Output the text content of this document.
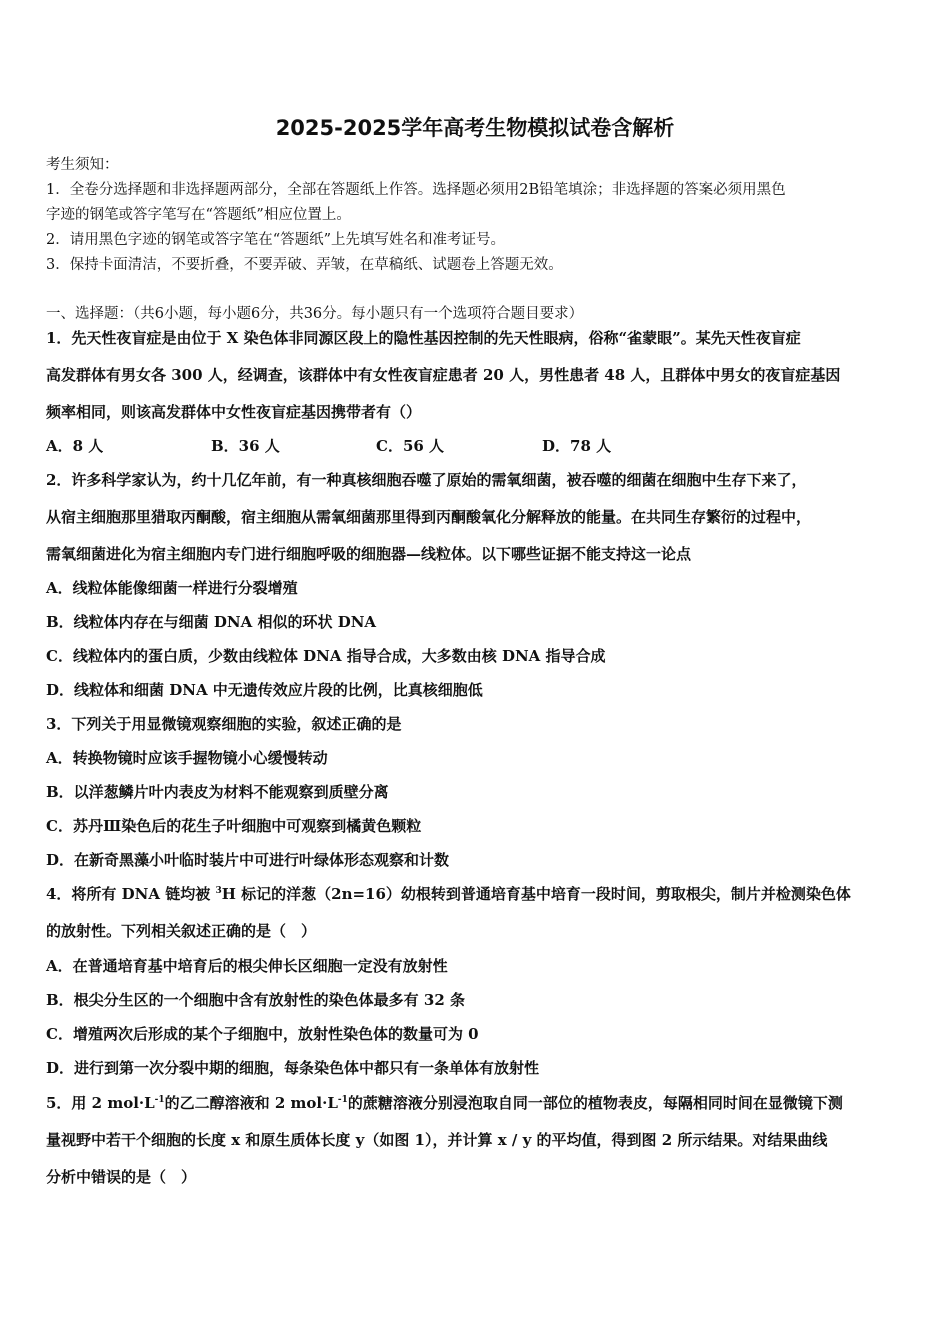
2025-2025学年高考生物模拟试卷含解析
考生须知：
1．全卷分选择题和非选择题两部分，全部在答题纸上作答。选择题必须用2B铅笔填涂；非选择题的答案必须用黑色
字迹的钢笔或答字笔写在“答题纸”相应位置上。
2．请用黑色字迹的钢笔或答字笔在“答题纸”上先填写姓名和准考证号。
3．保持卡面清洁，不要折叠，不要弄破、弄皱，在草稿纸、试题卷上答题无效。
一、选择题：（共6小题，每小题6分，共36分。每小题只有一个选项符合题目要求）
1．先天性夜盲症是由位于 X 染色体非同源区段上的隐性基因控制的先天性眼病，俗称“雀蒙眼”。某先天性夜盲症
高发群体有男女各 300 人，经调查，该群体中有女性夜盲症患者 20 人，男性患者 48 人，且群体中男女的夜盲症基因
频率相同，则该高发群体中女性夜盲症基因携带者有（）
A．8 人	B．36 人	C．56 人	D．78 人
2．许多科学家认为，约十几亿年前，有一种真核细胞吞噬了原始的需氧细菌，被吞噬的细菌在细胞中生存下来了，
从宿主细胞那里猎取丙酮酸，宿主细胞从需氧细菌那里得到丙酮酸氧化分解释放的能量。在共同生存繁衍的过程中，
需氧细菌进化为宿主细胞内专门进行细胞呼吸的细胞器—线粒体。以下哪些证据不能支持这一论点
A．线粒体能像细菌一样进行分裂增殖
B．线粒体内存在与细菌 DNA 相似的环状 DNA
C．线粒体内的蛋白质，少数由线粒体 DNA 指导合成，大多数由核 DNA 指导合成
D．线粒体和细菌 DNA 中无遗传效应片段的比例，比真核细胞低
3．下列关于用显微镜观察细胞的实验，叙述正确的是
A．转换物镜时应该手握物镜小心缓慢转动
B．以洋葱鳞片叶内表皮为材料不能观察到质壁分离
C．苏丹Ⅲ染色后的花生子叶细胞中可观察到橘黄色颗粒
D．在新奇黑藻小叶临时装片中可进行叶绿体形态观察和计数
4．将所有 DNA 链均被 $^3$H 标记的洋葱（2n=16）幼根转到普通培育基中培育一段时间，剪取根尖，制片并检测染色体
的放射性。下列相关叙述正确的是（　）
A．在普通培育基中培育后的根尖伸长区细胞一定没有放射性
B．根尖分生区的一个细胞中含有放射性的染色体最多有 32 条
C．增殖两次后形成的某个子细胞中，放射性染色体的数量可为 0
D．进行到第一次分裂中期的细胞，每条染色体中都只有一条单体有放射性
5．用 2 $mol\cdot L^{-1}$的乙二醇溶液和 2 $mol\cdot L^{-1}$的蔗糖溶液分别浸泡取自同一部位的植物表皮，每隔相同时间在显微镜下测
量视野中若干个细胞的长度 x 和原生质体长度 y（如图 1），并计算 x / y 的平均值，得到图 2 所示结果。对结果曲线
分析中错误的是（　）
